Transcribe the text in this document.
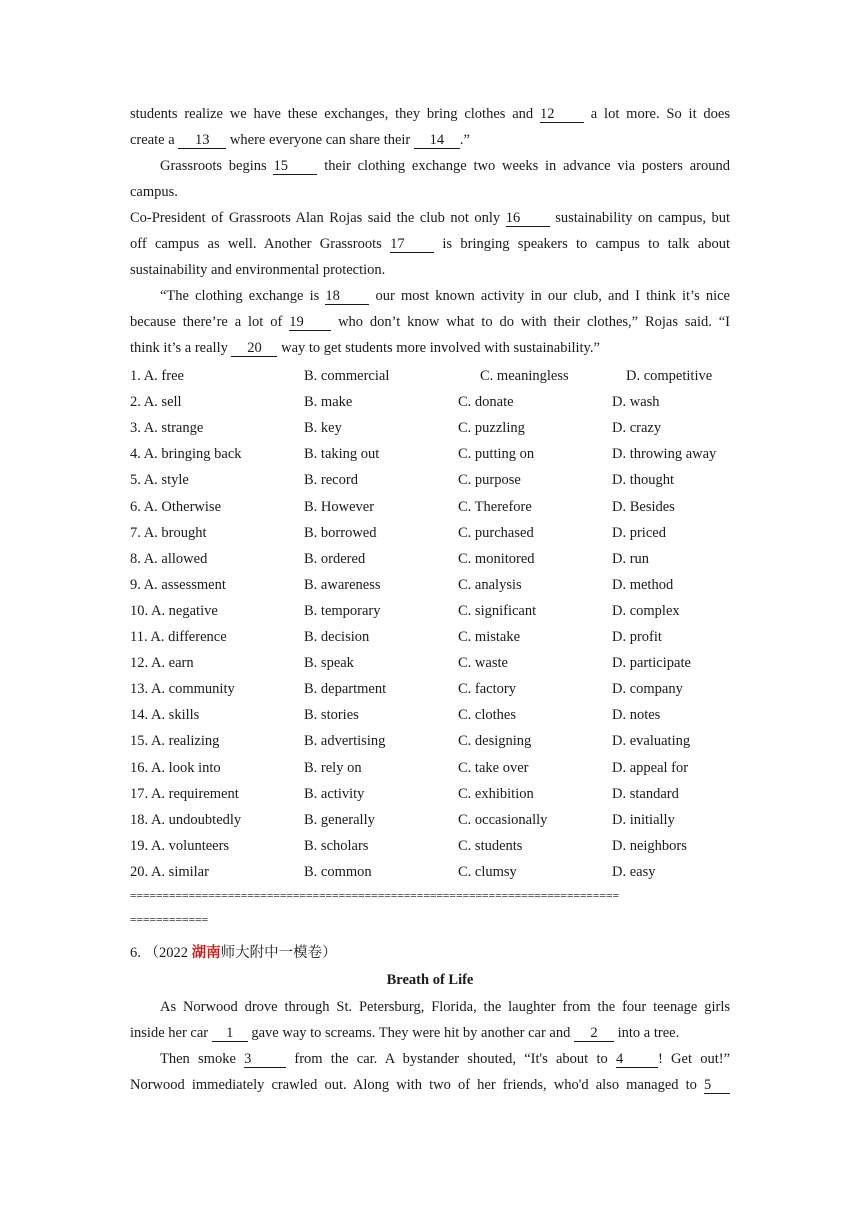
students realize we have these exchanges, they bring clothes and 12 a lot more. So it does
create a 13 where everyone can share their 14 .”
Grassroots begins 15 their clothing exchange two weeks in advance via posters around
campus.
Co-President of Grassroots Alan Rojas said the club not only 16 sustainability on campus, but
off campus as well. Another Grassroots 17 is bringing speakers to campus to talk about
sustainability and environmental protection.
“The clothing exchange is 18 our most known activity in our club, and I think it’s nice
because there’re a lot of 19 who don’t know what to do with their clothes,” Rojas said. “I
think it’s a really 20 way to get students more involved with sustainability.”
1. A. free	B. commercial	C. meaningless	D. competitive
2. A. sell	B. make	C. donate	D. wash
3. A. strange	B. key	C. puzzling	D. crazy
4. A. bringing back	B. taking out	C. putting on	D. throwing away
5. A. style	B. record	C. purpose	D. thought
6. A. Otherwise	B. However	C. Therefore	D. Besides
7. A. brought	B. borrowed	C. purchased	D. priced
8. A. allowed	B. ordered	C. monitored	D. run
9. A. assessment	B. awareness	C. analysis	D. method
10. A. negative	B. temporary	C. significant	D. complex
11. A. difference	B. decision	C. mistake	D. profit
12. A. earn	B. speak	C. waste	D. participate
13. A. community	B. department	C. factory	D. company
14. A. skills	B. stories	C. clothes	D. notes
15. A. realizing	B. advertising	C. designing	D. evaluating
16. A. look into	B. rely on	C. take over	D. appeal for
17. A. requirement	B. activity	C. exhibition	D. standard
18. A. undoubtedly	B. generally	C. occasionally	D. initially
19. A. volunteers	B. scholars	C. students	D. neighbors
20. A. similar	B. common	C. clumsy	D. easy
===========================================================================
============
6. （2022 湖南师大附中一模卷）
Breath of Life
As Norwood drove through St. Petersburg, Florida, the laughter from the four teenage girls
inside her car 1 gave way to screams. They were hit by another car and 2 into a tree.
Then smoke 3 from the car. A bystander shouted, “It's about to 4 ! Get out!”
Norwood immediately crawled out. Along with two of her friends, who'd also managed to 5
